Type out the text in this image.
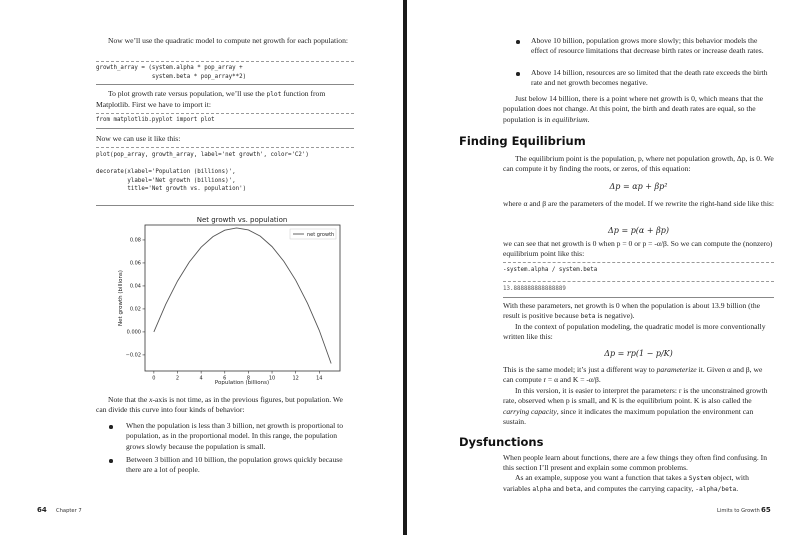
Now we’ll use the quadratic model to compute net growth for each population:

growth_array = (system.alpha * pop_array +
system.beta * pop_array**2)

To plot growth rate versus population, we’ll use the plot function from Matplotlib. First we have to import it:

from matplotlib.pyplot import plot

Now we can use it like this:

plot(pop_array, growth_array, label='net growth', color='C2')

decorate(xlabel='Population (billions)',
ylabel='Net growth (billions)',
title='Net growth vs. population')
Net growth vs. population
Population (billions)
Net growth (billions)
0	2	4	6	8	10	12	14
−0.02
0.000
0.02
0.04
0.06
0.08
net growth

Note that the x-axis is not time, as in the previous figures, but population. We can divide this curve into four kinds of behavior:

When the population is less than 3 billion, net growth is proportional to population, as in the proportional model. In this range, the population grows slowly because the population is small.

Between 3 billion and 10 billion, the population grows quickly because there are a lot of people.

64 Chapter 7

Above 10 billion, population grows more slowly; this behavior models the effect of resource limitations that decrease birth rates or increase death rates.

Above 14 billion, resources are so limited that the death rate exceeds the birth rate and net growth becomes negative.

Just below 14 billion, there is a point where net growth is 0, which means that the population does not change. At this point, the birth and death rates are equal, so the population is in equilibrium.

Finding Equilibrium

The equilibrium point is the population, p, where net population growth, Δp, is 0. We can compute it by finding the roots, or zeros, of this equation:

Δp = αp + βp²

where α and β are the parameters of the model. If we rewrite the right-hand side like this:

Δp = p(α + βp)

we can see that net growth is 0 when p = 0 or p = -α/β. So we can compute the (nonzero) equilibrium point like this:

-system.alpha / system.beta
13.888888888888889

With these parameters, net growth is 0 when the population is about 13.9 billion (the result is positive because beta is negative).

In the context of population modeling, the quadratic model is more conventionally written like this:

Δp = rp(1 − p/K)

This is the same model; it’s just a different way to parameterize it. Given α and β, we can compute r = α and K = -α/β.

In this version, it is easier to interpret the parameters: r is the unconstrained growth rate, observed when p is small, and K is the equilibrium point. K is also called the carrying capacity, since it indicates the maximum population the environment can sustain.

Dysfunctions

When people learn about functions, there are a few things they often find confusing. In this section I’ll present and explain some common problems.

As an example, suppose you want a function that takes a System object, with variables alpha and beta, and computes the carrying capacity, -alpha/beta.

Limits to Growth 65
